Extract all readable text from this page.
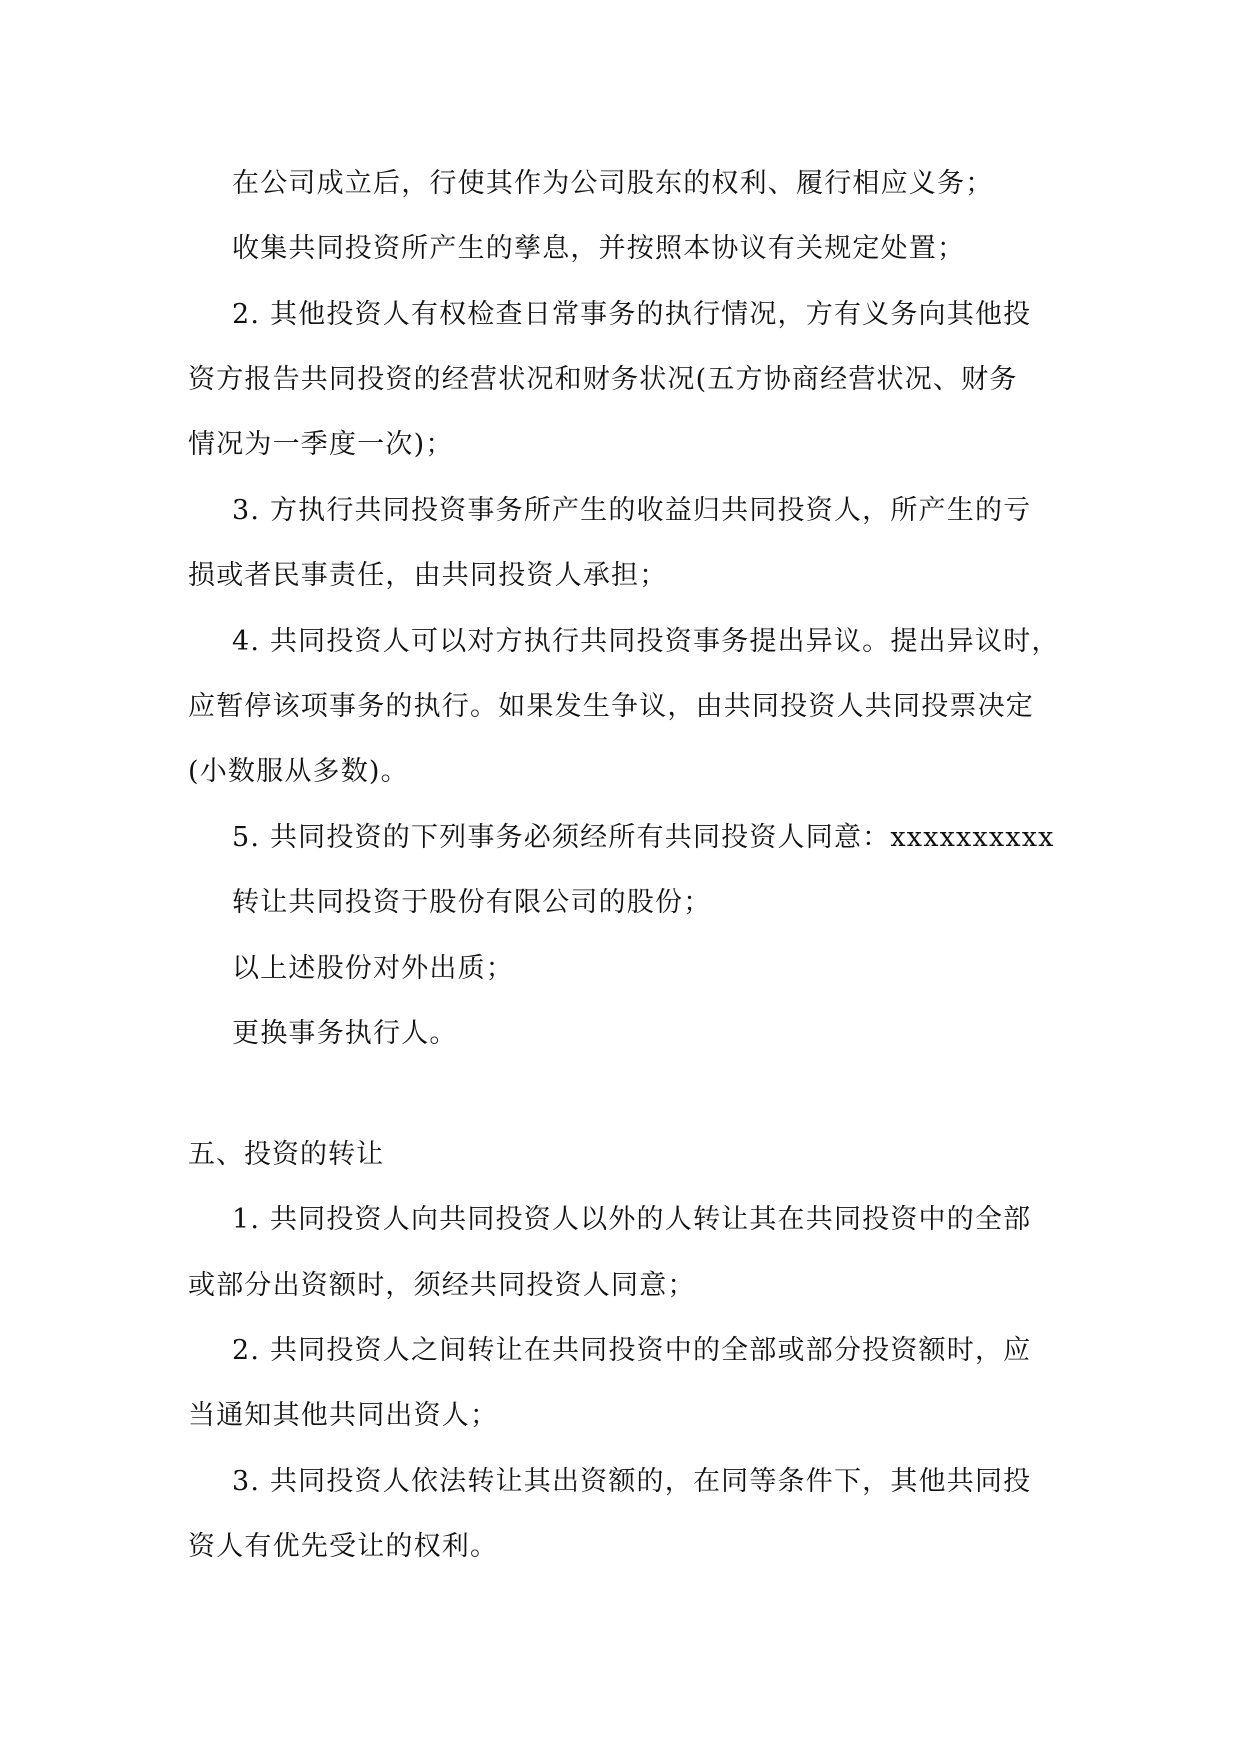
在公司成立后，行使其作为公司股东的权利、履行相应义务；
收集共同投资所产生的孳息，并按照本协议有关规定处置；
2. 其他投资人有权检查日常事务的执行情况，方有义务向其他投
资方报告共同投资的经营状况和财务状况(五方协商经营状况、财务
情况为一季度一次)；
3. 方执行共同投资事务所产生的收益归共同投资人，所产生的亏
损或者民事责任，由共同投资人承担；
4. 共同投资人可以对方执行共同投资事务提出异议。提出异议时，
应暂停该项事务的执行。如果发生争议，由共同投资人共同投票决定
(小数服从多数)。
5. 共同投资的下列事务必须经所有共同投资人同意：xxxxxxxxxx
转让共同投资于股份有限公司的股份；
以上述股份对外出质；
更换事务执行人。
五、投资的转让
1. 共同投资人向共同投资人以外的人转让其在共同投资中的全部
或部分出资额时，须经共同投资人同意；
2. 共同投资人之间转让在共同投资中的全部或部分投资额时，应
当通知其他共同出资人；
3. 共同投资人依法转让其出资额的，在同等条件下，其他共同投
资人有优先受让的权利。
